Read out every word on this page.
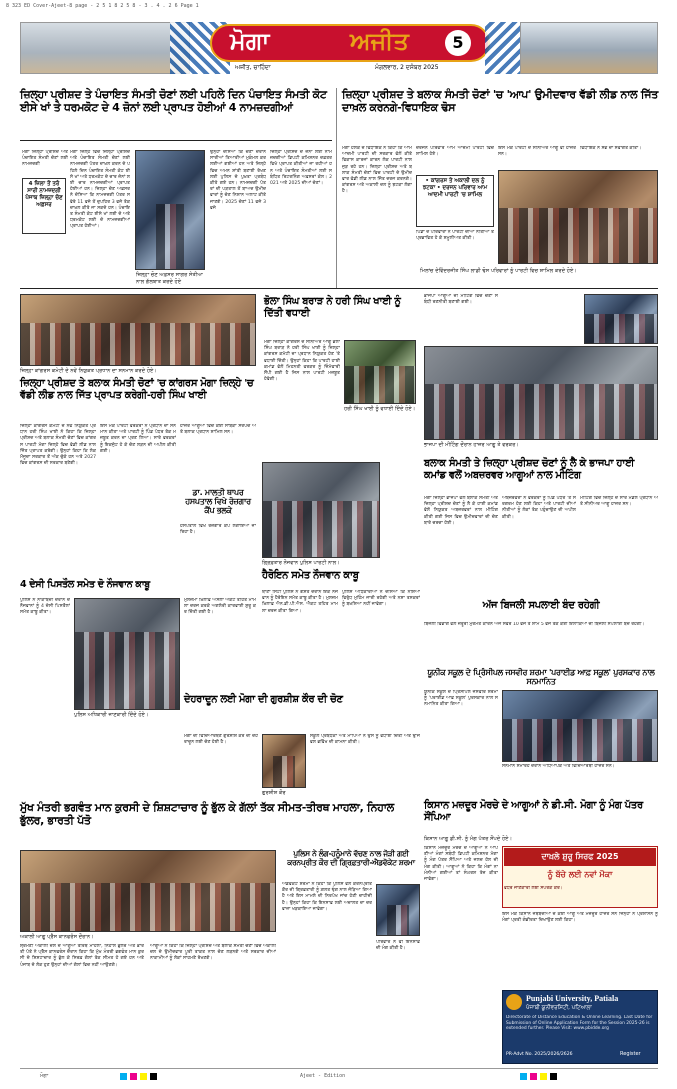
8 323 ED Cover-Ajeet-8 page - 2 5 1 8 2 5 8 - 3 . 4 . 2 6 Page 1
ਮੋਗਾ	ਅਜੀਤ	5
ਅਜੀਤ, ਚਾਹਿੰਦਾ	ਮੰਗਲਵਾਰ, 2 ਦਸੰਬਰ 2025
ਜ਼ਿਲ੍ਹਾ ਪ੍ਰੀਸ਼ਦ ਤੇ ਪੰਚਾਇਤ ਸੰਮਤੀ ਚੋਣਾਂ ਲਈ ਪਹਿਲੇ ਦਿਨ ਪੰਚਾਇਤ ਸੰਮਤੀ ਕੋਟ ਈਸੇ ਖਾਂ ਤੇ ਧਰਮਕੋਟ ਦੇ 4 ਜ਼ੋਨਾਂ ਲਈ ਪ੍ਰਾਪਤ ਹੋਈਆਂ 4 ਨਾਮਜ਼ਦਗੀਆਂ
4 ਜ਼ਿਲਾ ਤੋਂ ਤਰੰ ਸਾਰੀ ਨਾਮਜ਼ਦਗੀ ਪੰਜਾਬ ਜ਼ਿਲ੍ਹਾ ਚੋਣ ਅਫ਼ਸਰ
ਮੋਗਾ ਜ਼ਿਲ੍ਹਾ ਪ੍ਰੀਸ਼ਦ ਅਤੇ ਪੰਚਾਇਤ ਸੰਮਤੀ ਚੋਣਾਂ ਲਈ ਨਾਮਜ਼ਦਗੀ
ਮੋਗਾ ਜ਼ਿਲ੍ਹੇ ਵਿਚ ਜ਼ਿਲ੍ਹਾ ਪ੍ਰੀਸ਼ਦ ਅਤੇ ਪੰਚਾਇਤ ਸੰਮਤੀ ਚੋਣਾਂ ਲਈ ਨਾਮਜ਼ਦਗੀ ਪੱਤਰ ਦਾਖ਼ਲ ਕਰਨ ਦੇ ਪਹਿਲੇ ਦਿਨ ਪੰਚਾਇਤ ਸੰਮਤੀ ਕੋਟ ਈਸੇ ਖਾਂ ਅਤੇ ਧਰਮਕੋਟ ਦੇ ਚਾਰ ਜ਼ੋਨਾਂ ਲਈ ਚਾਰ ਨਾਮਜ਼ਦਗੀਆਂ ਪ੍ਰਾਪਤ ਹੋਈਆਂ ਹਨ। ਜ਼ਿਲ੍ਹਾ ਚੋਣ ਅਫ਼ਸਰ ਨੇ ਦੱਸਿਆ ਕਿ ਨਾਮਜ਼ਦਗੀ ਪੱਤਰ ਸਵੇਰੇ 11 ਵਜੇ ਤੋਂ ਦੁਪਹਿਰ 3 ਵਜੇ ਤੱਕ ਦਾਖ਼ਲ ਕੀਤੇ ਜਾ ਸਕਦੇ ਹਨ। ਪੰਚਾਇਤ ਸੰਮਤੀ ਕੋਟ ਈਸੇ ਖਾਂ ਲਈ ਦੋ ਅਤੇ ਧਰਮਕੋਟ ਲਈ ਦੋ ਨਾਮਜ਼ਦਗੀਆਂ ਪ੍ਰਾਪਤ ਹੋਈਆਂ।
ਜ਼ਿਲ੍ਹਾ ਚੋਣ ਅਫ਼ਸਰ ਸਾਗਰ ਸੇਤੀਆ ਨਾਲ ਗੱਲਬਾਤ ਕਰਦੇ ਹੋਏ
ਉਨ੍ਹਾਂ ਦੱਸਿਆ ਕਿ ਚੋਣਾਂ ਦੌਰਾਨ ਸਾਰੀਆਂ ਤਿਆਰੀਆਂ ਮੁਕੰਮਲ ਕਰ ਲਈਆਂ ਗਈਆਂ ਹਨ ਅਤੇ ਜ਼ਿਲ੍ਹੇ ਵਿਚ ਅਮਨ ਸ਼ਾਂਤੀ ਬਣਾਈ ਰੱਖਣ ਲਈ ਪੁਲਿਸ ਦੇ ਪੁਖ਼ਤਾ ਪ੍ਰਬੰਧ ਕੀਤੇ ਗਏ ਹਨ। ਨਾਮਜ਼ਦਗੀ ਪੱਤਰਾਂ ਦੀ ਪੜਤਾਲ ਤੋਂ ਬਾਅਦ ਉਮੀਦਵਾਰਾਂ ਨੂੰ ਚੋਣ ਨਿਸ਼ਾਨ ਅਲਾਟ ਕੀਤੇ ਜਾਣਗੇ। 2025 ਚੋਣਾਂ 11 ਵਜੇ 3 ਵਜੇ
ਜ਼ਿਲ੍ਹਾ ਪ੍ਰੀਸ਼ਦ ਦੇ ਜ਼ੋਨਾਂ ਲਈ ਨਾਮਜ਼ਦਗੀਆਂ ਡਿਪਟੀ ਕਮਿਸ਼ਨਰ ਦਫ਼ਤਰ ਵਿਖੇ ਪ੍ਰਾਪਤ ਕੀਤੀਆਂ ਜਾ ਰਹੀਆਂ ਹਨ ਅਤੇ ਪੰਚਾਇਤ ਸੰਮਤੀਆਂ ਲਈ ਸਬੰਧਿਤ ਰਿਟਰਨਿੰਗ ਅਫ਼ਸਰਾਂ ਕੋਲ। 2021 ਅਤੇ 2025 ਦੀਆਂ ਚੋਣਾਂ।
ਜ਼ਿਲ੍ਹਾ ਪ੍ਰੀਸ਼ਦ ਤੇ ਬਲਾਕ ਸੰਮਤੀ ਚੋਣਾਂ 'ਚ 'ਆਪ' ਉਮੀਦਵਾਰ ਵੱਡੀ ਲੀਡ ਨਾਲ ਜਿੱਤ ਦਾਖ਼ਲ ਕਰਨਗੇ-ਵਿਧਾਇਕ ਢੋਸ
ਮੋਗਾ ਹਲਕੇ ਦੇ ਵਿਧਾਇਕ ਨੇ ਕਿਹਾ ਕਿ ਆਮ ਆਦਮੀ ਪਾਰਟੀ ਦੀ ਸਰਕਾਰ ਵੱਲੋਂ ਕੀਤੇ ਵਿਕਾਸ ਕਾਰਜਾਂ ਕਾਰਨ ਲੋਕ ਪਾਰਟੀ ਨਾਲ ਜੁੜ ਰਹੇ ਹਨ। ਜ਼ਿਲ੍ਹਾ ਪ੍ਰੀਸ਼ਦ ਅਤੇ ਬਲਾਕ ਸੰਮਤੀ ਚੋਣਾਂ ਵਿਚ ਪਾਰਟੀ ਦੇ ਉਮੀਦਵਾਰ ਵੱਡੀ ਲੀਡ ਨਾਲ ਜਿੱਤ ਦਰਜ ਕਰਨਗੇ। ਕਾਂਗਰਸ ਅਤੇ ਅਕਾਲੀ ਦਲ ਨੂੰ ਝਟਕਾ ਲੱਗਾ ਹੈ।
• ਕਾਂਗਰਸ ਤੇ ਅਕਾਲੀ ਦਲ ਨੂੰ ਝਟਕਾ • ਦਰਜਨ ਪਰਿਵਾਰ ਆਮ ਆਦਮੀ ਪਾਰਟੀ 'ਚ ਸ਼ਾਮਿਲ
ਦਰਜਨ ਪਰਿਵਾਰ ਆਮ ਆਦਮੀ ਪਾਰਟੀ ਵਿਚ ਸ਼ਾਮਿਲ ਹੋਏ।
ਪਿੰਡਾਂ ਦੇ ਪਰਿਵਾਰਾਂ ਨੇ ਪਾਰਟੀ ਦੀਆਂ ਨੀਤੀਆਂ ਤੋਂ ਪ੍ਰਭਾਵਿਤ ਹੋ ਕੇ ਸ਼ਮੂਲੀਅਤ ਕੀਤੀ।
ਇਸ ਮੌਕੇ ਪਾਰਟੀ ਦੇ ਸੀਨੀਅਰ ਆਗੂ ਵੀ ਹਾਜ਼ਰ ਸਨ।
ਵਿਧਾਇਕ ਨੇ ਸਭ ਦਾ ਸਵਾਗਤ ਕੀਤਾ।
ਮਿਲਾਂਚ ਦੇਵਿੰਦਰਜੀਤ ਸਿੰਘ ਲਾਡੀ ਢੋਸ ਪਰਿਵਾਰਾਂ ਨੂੰ ਪਾਰਟੀ ਵਿਚ ਸ਼ਾਮਿਲ ਕਰਦੇ ਹੋਏ।
ਜ਼ਿਲ੍ਹਾ ਕਾਂਗਰਸ ਕਮੇਟੀ ਦੇ ਨਵੇਂ ਨਿਯੁਕਤ ਪ੍ਰਧਾਨ ਦਾ ਸਨਮਾਨ ਕਰਦੇ ਹੋਏ।
ਭੋਲਾ ਸਿੰਘ ਬਰਾੜ ਨੇ ਹਰੀ ਸਿੰਘ ਖਾਈ ਨੂੰ ਦਿੱਤੀ ਵਧਾਈ
ਮੋਗਾ ਜ਼ਿਲ੍ਹਾ ਕਾਂਗਰਸ ਦੇ ਸੀਨੀਅਰ ਆਗੂ ਭੋਲਾ ਸਿੰਘ ਬਰਾੜ ਨੇ ਹਰੀ ਸਿੰਘ ਖਾਈ ਨੂੰ ਜ਼ਿਲ੍ਹਾ ਕਾਂਗਰਸ ਕਮੇਟੀ ਦਾ ਪ੍ਰਧਾਨ ਨਿਯੁਕਤ ਹੋਣ 'ਤੇ ਵਧਾਈ ਦਿੱਤੀ। ਉਨ੍ਹਾਂ ਕਿਹਾ ਕਿ ਪਾਰਟੀ ਹਾਈ ਕਮਾਂਡ ਵੱਲੋਂ ਮਿਹਨਤੀ ਵਰਕਰ ਨੂੰ ਜ਼ਿੰਮੇਵਾਰੀ ਸੌਂਪੀ ਗਈ ਹੈ ਜਿਸ ਨਾਲ ਪਾਰਟੀ ਮਜ਼ਬੂਤ ਹੋਵੇਗੀ।
ਹਰੀ ਸਿੰਘ ਖਾਈ ਨੂੰ ਵਧਾਈ ਦਿੰਦੇ ਹੋਏ।
ਭਾਜਪਾ ਆਗੂਆਂ ਦੀ ਮੀਟਿੰਗ ਵਿਚ ਚੋਣਾਂ ਸਬੰਧੀ ਰਣਨੀਤੀ ਬਣਾਈ ਗਈ।
ਭਾਜਪਾ ਦੀ ਮੀਟਿੰਗ ਦੌਰਾਨ ਹਾਜ਼ਰ ਆਗੂ ਤੇ ਵਰਕਰ।
ਜ਼ਿਲ੍ਹਾ ਪ੍ਰੀਸ਼ਦ ਤੇ ਬਲਾਕ ਸੰਮਤੀ ਚੋਣਾਂ 'ਚ ਕਾਂਗਰਸ ਮੋਗਾ ਜ਼ਿਲ੍ਹੇ 'ਚ ਵੱਡੀ ਲੀਡ ਨਾਲ ਜਿੱਤ ਪ੍ਰਾਪਤ ਕਰੇਗੀ-ਹਰੀ ਸਿੰਘ ਖਾਈ
ਜ਼ਿਲ੍ਹਾ ਕਾਂਗਰਸ ਕਮੇਟੀ ਦੇ ਨਵੇਂ ਨਿਯੁਕਤ ਪ੍ਰਧਾਨ ਹਰੀ ਸਿੰਘ ਖਾਈ ਨੇ ਕਿਹਾ ਕਿ ਜ਼ਿਲ੍ਹਾ ਪ੍ਰੀਸ਼ਦ ਅਤੇ ਬਲਾਕ ਸੰਮਤੀ ਚੋਣਾਂ ਵਿਚ ਕਾਂਗਰਸ ਪਾਰਟੀ ਮੋਗਾ ਜ਼ਿਲ੍ਹੇ ਵਿਚ ਵੱਡੀ ਲੀਡ ਨਾਲ ਜਿੱਤ ਪ੍ਰਾਪਤ ਕਰੇਗੀ। ਉਨ੍ਹਾਂ ਕਿਹਾ ਕਿ ਲੋਕ ਮੌਜੂਦਾ ਸਰਕਾਰ ਤੋਂ ਅੱਕ ਚੁੱਕੇ ਹਨ ਅਤੇ 2027 ਵਿਚ ਕਾਂਗਰਸ ਦੀ ਸਰਕਾਰ ਬਣੇਗੀ।
ਇਸ ਮੌਕੇ ਪਾਰਟੀ ਵਰਕਰਾਂ ਨੇ ਪ੍ਰਧਾਨ ਦਾ ਸਨਮਾਨ ਕੀਤਾ ਅਤੇ ਪਾਰਟੀ ਨੂੰ ਪਿੰਡ ਪੱਧਰ ਤੱਕ ਮਜ਼ਬੂਤ ਕਰਨ ਦਾ ਪ੍ਰਣ ਲਿਆ। ਸਾਰੇ ਵਰਕਰਾਂ ਨੂੰ ਇਕਜੁੱਟ ਹੋ ਕੇ ਚੋਣ ਲੜਨ ਦੀ ਅਪੀਲ ਕੀਤੀ ਗਈ।
ਹਾਜ਼ਰ ਆਗੂਆਂ ਵਿਚ ਕਈ ਸਾਬਕਾ ਸਰਪੰਚ ਅਤੇ ਬਲਾਕ ਪ੍ਰਧਾਨ ਸ਼ਾਮਿਲ ਸਨ।
ਡਾ. ਮਾਲਤੀ ਥਾਪਰ ਹਸਪਤਾਲ ਵਿਖੇ ਰੋਜ਼ਗਾਰ ਕੈਂਪ ਭਲਕੇ
ਹਸਪਤਾਲ ਵਿਖੇ ਰੋਜ਼ਗਾਰ ਕੈਂਪ ਲਗਾਇਆ ਜਾ ਰਿਹਾ ਹੈ।
ਗ੍ਰਿਫ਼ਤਾਰ ਨੌਜਵਾਨ ਪੁਲਿਸ ਪਾਰਟੀ ਨਾਲ।
ਹੈਰੋਇਨ ਸਮੇਤ ਨੌਜਵਾਨ ਕਾਬੂ
ਬਲਾਕ ਸੰਮਤੀ ਤੇ ਜ਼ਿਲ੍ਹਾ ਪ੍ਰੀਸ਼ਦ ਚੋਣਾਂ ਨੂੰ ਲੈ ਕੇ ਭਾਜਪਾ ਹਾਈ ਕਮਾਂਡ ਵਲੋਂ ਅਬਜ਼ਰਵਰ ਆਗੂਆਂ ਨਾਲ ਮੀਟਿੰਗ
ਮੋਗਾ ਜ਼ਿਲ੍ਹਾ ਭਾਜਪਾ ਵੱਲੋਂ ਬਲਾਕ ਸੰਮਤੀ ਅਤੇ ਜ਼ਿਲ੍ਹਾ ਪ੍ਰੀਸ਼ਦ ਚੋਣਾਂ ਨੂੰ ਲੈ ਕੇ ਹਾਈ ਕਮਾਂਡ ਵੱਲੋਂ ਨਿਯੁਕਤ ਅਬਜ਼ਰਵਰਾਂ ਨਾਲ ਮੀਟਿੰਗ ਕੀਤੀ ਗਈ ਜਿਸ ਵਿਚ ਉਮੀਦਵਾਰਾਂ ਦੀ ਚੋਣ ਬਾਰੇ ਚਰਚਾ ਹੋਈ।
ਅਬਜ਼ਰਵਰਾਂ ਨੇ ਵਰਕਰਾਂ ਨੂੰ ਪਿੰਡ ਪੱਧਰ 'ਤੇ ਸਰਗਰਮ ਹੋਣ ਲਈ ਕਿਹਾ ਅਤੇ ਪਾਰਟੀ ਦੀਆਂ ਨੀਤੀਆਂ ਨੂੰ ਲੋਕਾਂ ਤੱਕ ਪਹੁੰਚਾਉਣ ਦੀ ਅਪੀਲ ਕੀਤੀ।
ਮੀਟਿੰਗ ਵਿਚ ਜ਼ਿਲ੍ਹੇ ਦੇ ਸਾਰੇ ਮੰਡਲ ਪ੍ਰਧਾਨ ਅਤੇ ਸੀਨੀਅਰ ਆਗੂ ਹਾਜ਼ਰ ਸਨ।
4 ਦੇਸੀ ਪਿਸਤੌਲ ਸਮੇਤ ਦੋ ਨੌਜਵਾਨ ਕਾਬੂ
ਪੁਲਿਸ ਨੇ ਨਾਕਾਬੰਦੀ ਦੌਰਾਨ ਦੋ ਨੌਜਵਾਨਾਂ ਨੂੰ 4 ਦੇਸੀ ਪਿਸਤੌਲਾਂ ਸਮੇਤ ਕਾਬੂ ਕੀਤਾ।
ਪੁਲਿਸ ਅਧਿਕਾਰੀ ਜਾਣਕਾਰੀ ਦਿੰਦੇ ਹੋਏ।
ਮੁਲਜ਼ਮਾਂ ਖ਼ਿਲਾਫ਼ ਅਸਲਾ ਐਕਟ ਤਹਿਤ ਮਾਮਲਾ ਦਰਜ ਕਰਕੇ ਅਗਲੇਰੀ ਕਾਰਵਾਈ ਸ਼ੁਰੂ ਕਰ ਦਿੱਤੀ ਗਈ ਹੈ।
ਥਾਣਾ ਸਿਟੀ ਪੁਲਿਸ ਨੇ ਗਸ਼ਤ ਦੌਰਾਨ ਇਕ ਨੌਜਵਾਨ ਨੂੰ ਹੈਰੋਇਨ ਸਮੇਤ ਕਾਬੂ ਕੀਤਾ ਹੈ। ਮੁਲਜ਼ਮ ਖ਼ਿਲਾਫ਼ ਐਨ.ਡੀ.ਪੀ.ਐਸ. ਐਕਟ ਤਹਿਤ ਮਾਮਲਾ ਦਰਜ ਕੀਤਾ ਗਿਆ।
ਪੁਲਿਸ ਅਧਿਕਾਰੀਆਂ ਨੇ ਦੱਸਿਆ ਕਿ ਨਸ਼ਿਆਂ ਵਿਰੁੱਧ ਮੁਹਿੰਮ ਜਾਰੀ ਰਹੇਗੀ ਅਤੇ ਨਸ਼ਾ ਤਸਕਰਾਂ ਨੂੰ ਬਖ਼ਸ਼ਿਆ ਨਹੀਂ ਜਾਵੇਗਾ।	ਅੱਜ ਬਿਜਲੀ ਸਪਲਾਈ ਬੰਦ ਰਹੇਗੀ
ਬਿਜਲੀ ਵਿਭਾਗ ਵੱਲੋਂ ਜ਼ਰੂਰੀ ਮੁਰੰਮਤ ਕਾਰਨ ਅੱਜ ਸਵੇਰੇ 10 ਵਜੇ ਤੋਂ ਸ਼ਾਮ 5 ਵਜੇ ਤੱਕ ਕਈ ਇਲਾਕਿਆਂ ਦੀ ਬਿਜਲੀ ਸਪਲਾਈ ਬੰਦ ਰਹੇਗੀ।
ਦੇਹਰਾਦੂਨ ਲਈ ਮੋਗਾ ਦੀ ਗੁਰਸ਼ੀਸ਼ ਕੌਰ ਦੀ ਚੋਣ
ਗੁਰਸ਼ੀਸ਼ ਕੌਰ
ਮੋਗਾ ਦੀ ਵਿਦਿਆਰਥਣ ਗੁਰਸ਼ੀਸ਼ ਕੌਰ ਦੀ ਦੇਹਰਾਦੂਨ ਲਈ ਚੋਣ ਹੋਈ ਹੈ।
ਸਕੂਲ ਪ੍ਰਬੰਧਕਾਂ ਅਤੇ ਮਾਪਿਆਂ ਨੇ ਉਸ ਨੂੰ ਵਧਾਈ ਦਿੱਤੀ ਅਤੇ ਉੱਜਵਲ ਭਵਿੱਖ ਦੀ ਕਾਮਨਾ ਕੀਤੀ।
ਯੂਨੀਕ ਸਕੂਲ ਦੇ ਪ੍ਰਿੰਸੀਪਲ ਜਸਵੀਰ ਸ਼ਰਮਾ 'ਪਰਾਈਡ ਆਫ਼ ਸਕੂਲ' ਪੁਰਸਕਾਰ ਨਾਲ ਸਨਮਾਨਿਤ
ਯੂਨੀਕ ਸਕੂਲ ਦੇ ਪ੍ਰਿੰਸੀਪਲ ਜਸਵੀਰ ਸ਼ਰਮਾ ਨੂੰ 'ਪਰਾਈਡ ਆਫ਼ ਸਕੂਲ' ਪੁਰਸਕਾਰ ਨਾਲ ਸਨਮਾਨਿਤ ਕੀਤਾ ਗਿਆ।
ਸਨਮਾਨ ਸਮਾਰੋਹ ਦੌਰਾਨ ਅਧਿਆਪਕ ਅਤੇ ਵਿਦਿਆਰਥੀ ਹਾਜ਼ਰ ਸਨ।
ਕਿਸਾਨ ਮਜ਼ਦੂਰ ਮੋਰਚੇ ਦੇ ਆਗੂਆਂ ਨੇ ਡੀ.ਸੀ. ਮੋਗਾ ਨੂੰ ਮੰਗ ਪੱਤਰ ਸੌਂਪਿਆ
ਕਿਸਾਨ ਆਗੂ ਡੀ.ਸੀ. ਨੂੰ ਮੰਗ ਪੱਤਰ ਸੌਂਪਦੇ ਹੋਏ।
ਕਿਸਾਨ ਮਜ਼ਦੂਰ ਮੋਰਚੇ ਦੇ ਆਗੂਆਂ ਨੇ ਆਪਣੀਆਂ ਮੰਗਾਂ ਸਬੰਧੀ ਡਿਪਟੀ ਕਮਿਸ਼ਨਰ ਮੋਗਾ ਨੂੰ ਮੰਗ ਪੱਤਰ ਸੌਂਪਿਆ ਅਤੇ ਜਲਦ ਹੱਲ ਦੀ ਮੰਗ ਕੀਤੀ। ਆਗੂਆਂ ਨੇ ਕਿਹਾ ਕਿ ਮੰਗਾਂ ਨਾ ਮੰਨੀਆਂ ਗਈਆਂ ਤਾਂ ਸੰਘਰਸ਼ ਤੇਜ਼ ਕੀਤਾ ਜਾਵੇਗਾ।
ਦਾਖ਼ਲੇ ਸ਼ੁਰੂ ਸਿਰਫ 2025
ਨੂੰ ਬੱਚੇ ਲਈ ਨਵਾਂ ਮੌਕਾ
ਵਧੇਰੇ ਜਾਣਕਾਰੀ ਲਈ ਸੰਪਰਕ ਕਰੋ।
ਇਸ ਮੌਕੇ ਕਿਸਾਨ ਜਥੇਬੰਦੀਆਂ ਦੇ ਕਈ ਆਗੂ ਅਤੇ ਮਜ਼ਦੂਰ ਹਾਜ਼ਰ ਸਨ ਜਿਨ੍ਹਾਂ ਨੇ ਪ੍ਰਸ਼ਾਸਨ ਨੂੰ ਮੰਗਾਂ ਪ੍ਰਤੀ ਗੰਭੀਰਤਾ ਦਿਖਾਉਣ ਲਈ ਕਿਹਾ।
ਮੁੱਖ ਮੰਤਰੀ ਭਗਵੰਤ ਮਾਨ ਕੁਰਸੀ ਦੇ ਸ਼ਿਸ਼ਟਾਚਾਰ ਨੂੰ ਭੁੱਲ ਕੇ ਗੱਲਾਂ ਤੱਕ ਸੀਮਤ-ਤੀਰਥ ਮਾਹਲਾ, ਨਿਹਾਲ ਭੁੱਲਰ, ਭਾਰਤੀ ਪੱਤੋ
ਅਕਾਲੀ ਆਗੂ ਪ੍ਰੈੱਸ ਕਾਨਫਰੰਸ ਦੌਰਾਨ।
ਸ਼੍ਰੋਮਣੀ ਅਕਾਲੀ ਦਲ ਦੇ ਆਗੂਆਂ ਤੀਰਥ ਮਾਹਲਾ, ਨਿਹਾਲ ਭੁੱਲਰ ਅਤੇ ਭਾਰਤੀ ਪੱਤੋ ਨੇ ਪ੍ਰੈੱਸ ਕਾਨਫਰੰਸ ਦੌਰਾਨ ਕਿਹਾ ਕਿ ਮੁੱਖ ਮੰਤਰੀ ਭਗਵੰਤ ਮਾਨ ਕੁਰਸੀ ਦੇ ਸ਼ਿਸ਼ਟਾਚਾਰ ਨੂੰ ਭੁੱਲ ਕੇ ਸਿਰਫ਼ ਗੱਲਾਂ ਤੱਕ ਸੀਮਤ ਹੋ ਗਏ ਹਨ ਅਤੇ ਪੰਜਾਬ ਦੇ ਲੋਕ ਹੁਣ ਉਨ੍ਹਾਂ ਦੀਆਂ ਗੱਲਾਂ ਵਿਚ ਨਹੀਂ ਆਉਣਗੇ।
ਆਗੂਆਂ ਨੇ ਕਿਹਾ ਕਿ ਜ਼ਿਲ੍ਹਾ ਪ੍ਰੀਸ਼ਦ ਅਤੇ ਬਲਾਕ ਸੰਮਤੀ ਚੋਣਾਂ ਵਿਚ ਅਕਾਲੀ ਦਲ ਦੇ ਉਮੀਦਵਾਰ ਪੂਰੀ ਤਾਕਤ ਨਾਲ ਚੋਣ ਲੜਨਗੇ ਅਤੇ ਸਰਕਾਰ ਦੀਆਂ ਨਾਕਾਮੀਆਂ ਨੂੰ ਲੋਕਾਂ ਸਾਹਮਣੇ ਰੱਖਣਗੇ।
ਪੁਲਿਸ ਨੇ ਲੰਗ-ਹਨੂੰਮਾਨੇ ਵੱਚਣ ਨਾਲ ਜੋੜੀ ਗਈ ਕਰਨਪ੍ਰੀਤ ਕੌਰ ਦੀ ਗ੍ਰਿਫ਼ਤਾਰੀ-ਐਡਵੋਕੇਟ ਸ਼ਰਮਾ
ਐਡਵੋਕੇਟ ਸ਼ਰਮਾ ਨੇ ਕਿਹਾ ਕਿ ਪੁਲਿਸ ਵੱਲੋਂ ਕਰਨਪ੍ਰੀਤ ਕੌਰ ਦੀ ਗ੍ਰਿਫ਼ਤਾਰੀ ਨੂੰ ਗ਼ਲਤ ਢੰਗ ਨਾਲ ਜੋੜਿਆ ਗਿਆ ਹੈ ਅਤੇ ਇਸ ਮਾਮਲੇ ਦੀ ਨਿਰਪੱਖ ਜਾਂਚ ਹੋਣੀ ਚਾਹੀਦੀ ਹੈ। ਉਨ੍ਹਾਂ ਕਿਹਾ ਕਿ ਇਨਸਾਫ਼ ਲਈ ਅਦਾਲਤ ਦਾ ਦਰਵਾਜ਼ਾ ਖੜਕਾਇਆ ਜਾਵੇਗਾ।
ਪਰਿਵਾਰ ਨੇ ਵੀ ਇਨਸਾਫ਼ ਦੀ ਮੰਗ ਕੀਤੀ ਹੈ।
Punjabi University, Patiala
ਪੰਜਾਬੀ ਯੂਨੀਵਰਸਿਟੀ, ਪਟਿਆਲਾ
Directorate of Distance Education & Online Learning. Last Date for Submission of Online Application Form for the Session 2025-26 is extended further. Please Visit: www.pbidde.org
PR-Advt No. 2025/2026/2626	Register
ਮੋਗਾ	Ajeet - Edition
